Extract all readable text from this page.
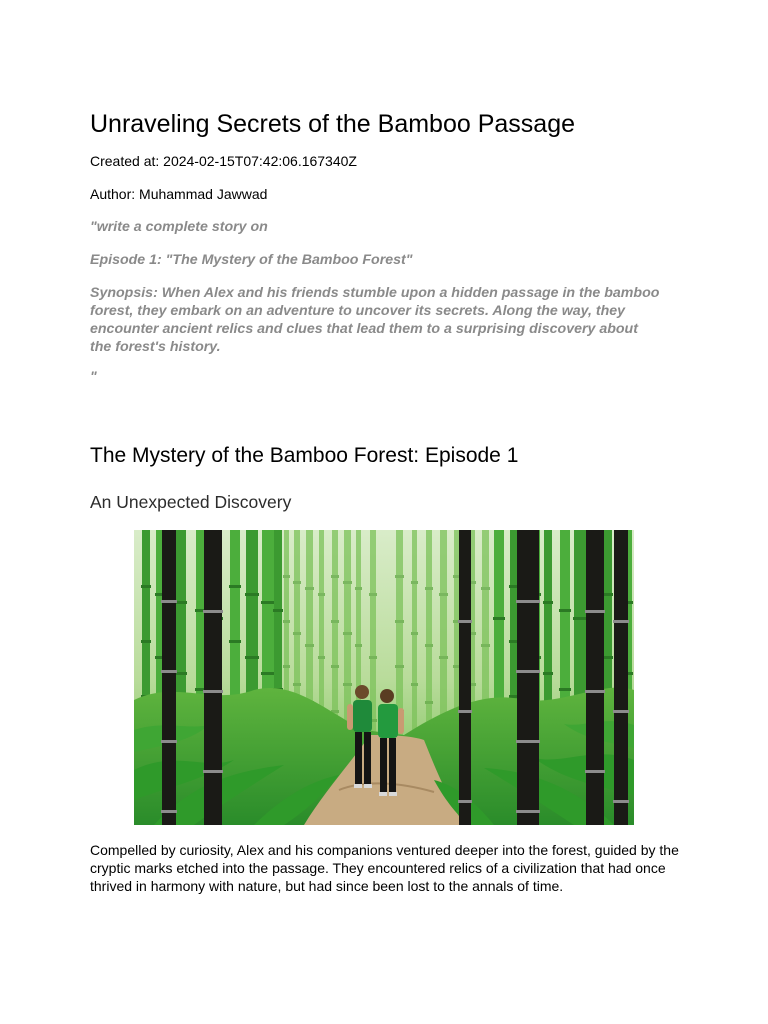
Unraveling Secrets of the Bamboo Passage

Created at: 2024-02-15T07:42:06.167340Z

Author: Muhammad Jawwad

"write a complete story on

Episode 1: "The Mystery of the Bamboo Forest"

Synopsis: When Alex and his friends stumble upon a hidden passage in the bamboo forest, they embark on an adventure to uncover its secrets. Along the way, they encounter ancient relics and clues that lead them to a surprising discovery about the forest's history.

"

The Mystery of the Bamboo Forest: Episode 1
An Unexpected Discovery

Compelled by curiosity, Alex and his companions ventured deeper into the forest, guided by the cryptic marks etched into the passage. They encountered relics of a civilization that had once thrived in harmony with nature, but had since been lost to the annals of time.
